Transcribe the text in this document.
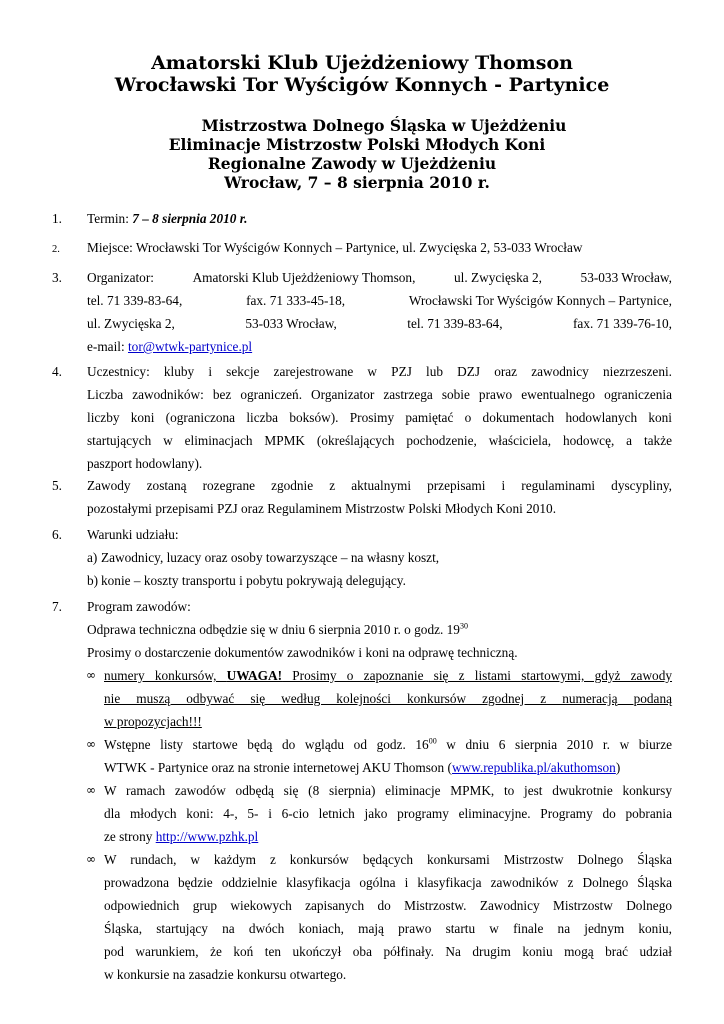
Amatorski Klub Ujeżdżeniowy Thomson
Wrocławski Tor Wyścigów Konnych - Partynice
Mistrzostwa Dolnego Śląska w Ujeżdżeniu
Eliminacje Mistrzostw Polski Młodych Koni
Regionalne Zawody w Ujeżdżeniu
Wrocław, 7 – 8 sierpnia 2010 r.
1.	Termin: 7 – 8 sierpnia 2010 r.
2.	Miejsce: Wrocławski Tor Wyścigów Konnych – Partynice, ul. Zwycięska 2, 53-033 Wrocław
3.	Organizator:	Amatorski Klub Ujeżdżeniowy Thomson,	ul. Zwycięska 2,	53-033 Wrocław,
tel. 71 339-83-64,	fax. 71 333-45-18,	Wrocławski Tor Wyścigów Konnych – Partynice,
ul. Zwycięska 2,	53-033 Wrocław,	tel. 71 339-83-64,	fax. 71 339-76-10,
e-mail: tor@wtwk-partynice.pl
4.	Uczestnicy: kluby i sekcje zarejestrowane w PZJ lub DZJ oraz zawodnicy niezrzeszeni.
Liczba zawodników: bez ograniczeń. Organizator zastrzega sobie prawo ewentualnego ograniczenia
liczby koni (ograniczona liczba boksów). Prosimy pamiętać o dokumentach hodowlanych koni
startujących w eliminacjach MPMK (określających pochodzenie, właściciela, hodowcę, a także
paszport hodowlany).
5.	Zawody zostaną rozegrane zgodnie z aktualnymi przepisami i regulaminami dyscypliny,
pozostałymi przepisami PZJ oraz Regulaminem Mistrzostw Polski Młodych Koni 2010.
6.	Warunki udziału:
a) Zawodnicy, luzacy oraz osoby towarzyszące – na własny koszt,
b) konie – koszty transportu i pobytu pokrywają delegujący.
7.	Program zawodów:
Odprawa techniczna odbędzie się w dniu 6 sierpnia 2010 r. o godz. $19^{30}$
Prosimy o dostarczenie dokumentów zawodników i koni na odprawę techniczną.
∞ numery konkursów, UWAGA! Prosimy o zapoznanie się z listami startowymi, gdyż zawody
nie muszą odbywać się według kolejności konkursów zgodnej z numeracją podaną
w propozycjach!!!
∞ Wstępne listy startowe będą do wglądu od godz. $16^{00}$ w dniu 6 sierpnia 2010 r. w biurze
WTWK - Partynice oraz na stronie internetowej AKU Thomson (www.republika.pl/akuthomson)
∞ W ramach zawodów odbędą się (8 sierpnia) eliminacje MPMK, to jest dwukrotnie konkursy
dla młodych koni: 4-, 5- i 6-cio letnich jako programy eliminacyjne. Programy do pobrania
ze strony http://www.pzhk.pl
∞ W rundach, w każdym z konkursów będących konkursami Mistrzostw Dolnego Śląska
prowadzona będzie oddzielnie klasyfikacja ogólna i klasyfikacja zawodników z Dolnego Śląska
odpowiednich grup wiekowych zapisanych do Mistrzostw. Zawodnicy Mistrzostw Dolnego
Śląska, startujący na dwóch koniach, mają prawo startu w finale na jednym koniu,
pod warunkiem, że koń ten ukończył oba półfinały. Na drugim koniu mogą brać udział
w konkursie na zasadzie konkursu otwartego.
